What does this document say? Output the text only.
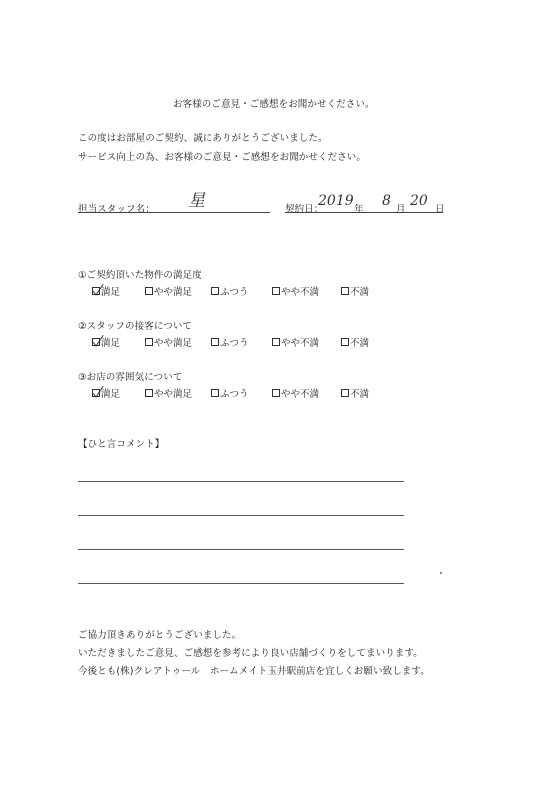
お客様のご意見・ご感想をお聞かせください。
この度はお部屋のご契約、誠にありがとうございました。
サービス向上の為、お客様のご意見・ご感想をお聞かせください。
担当スタッフ名： 星	契約日：
2019
年
8
月
20
日
①ご契約頂いた物件の満足度
②スタッフの接客について
③お店の雰囲気について
満足	やや満足	ふつう	やや不満	不満
満足	やや満足	ふつう	やや不満	不満
満足	やや満足	ふつう	やや不満	不満
【ひと言コメント】
ご協力頂きありがとうございました。
いただきましたご意見、ご感想を参考により良い店舗づくりをしてまいります。
今後とも(株)クレアトゥール　ホームメイト玉井駅前店を宜しくお願い致します。
